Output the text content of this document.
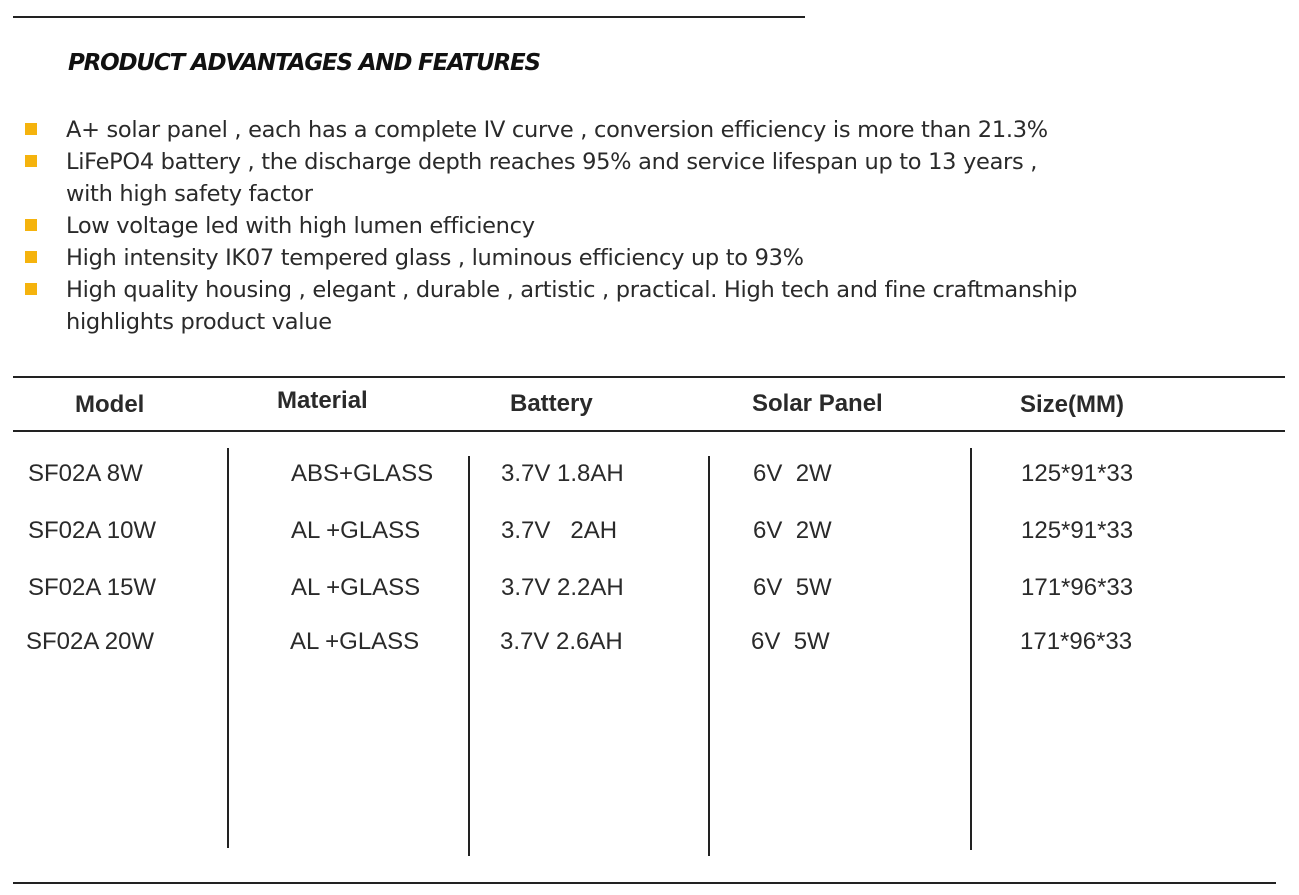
PRODUCT ADVANTAGES AND FEATURES
A+ solar panel , each has a complete IV curve , conversion efficiency is more than 21.3%
LiFePO4 battery , the discharge depth reaches 95% and service lifespan up to 13 years ,
with high safety factor
Low voltage led with high lumen efficiency
High intensity IK07 tempered glass , luminous efficiency up to 93%
High quality housing , elegant , durable , artistic , practical. High tech and fine craftmanship
highlights product value
Model	Material	Battery	Solar Panel	Size(MM)
SF02A 8W	ABS+GLASS	3.7V 1.8AH	6V  2W	125*91*33
SF02A 10W	AL +GLASS	3.7V   2AH	6V  2W	125*91*33
SF02A 15W	AL +GLASS	3.7V 2.2AH	6V  5W	171*96*33
SF02A 20W	AL +GLASS	3.7V 2.6AH	6V  5W	171*96*33
